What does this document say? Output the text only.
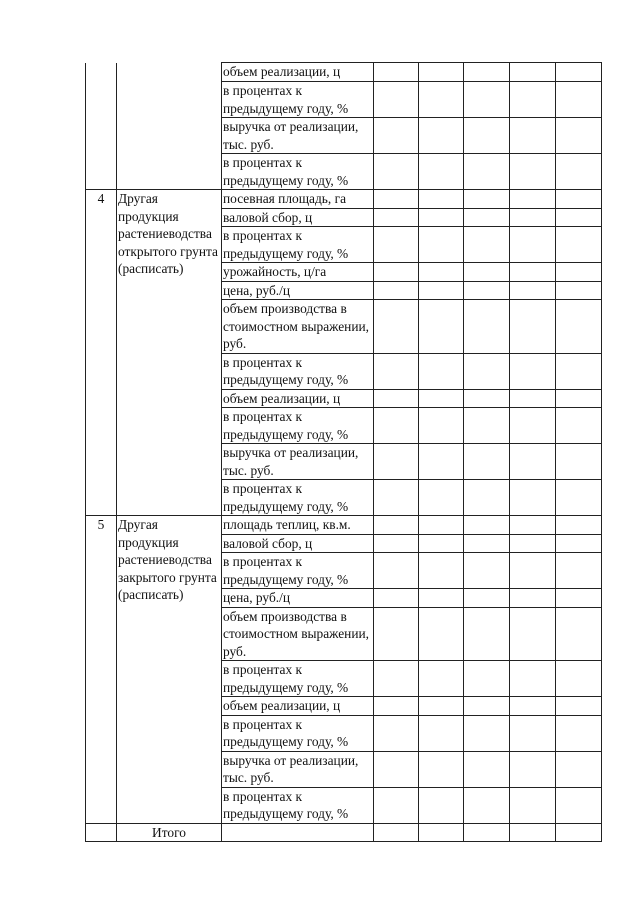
		объем реализации, ц					
		в процентах к предыдущему году, %					
		выручка от реализации, тыс. руб.					
		в процентах к предыдущему году, %					
4	Другая продукция растениеводства открытого грунта (расписать)	посевная площадь, га					
		валовой сбор, ц					
		в процентах к предыдущему году, %					
		урожайность, ц/га					
		цена, руб./ц					
		объем производства в стоимостном выражении, руб.					
		в процентах к предыдущему году, %					
		объем реализации, ц					
		в процентах к предыдущему году, %					
		выручка от реализации, тыс. руб.					
		в процентах к предыдущему году, %					
5	Другая продукция растениеводства закрытого грунта (расписать)	площадь теплиц, кв.м.					
		валовой сбор, ц					
		в процентах к предыдущему году, %					
		цена, руб./ц					
		объем производства в стоимостном выражении, руб.					
		в процентах к предыдущему году, %					
		объем реализации, ц					
		в процентах к предыдущему году, %					
		выручка от реализации, тыс. руб.					
		в процентах к предыдущему году, %					
	Итого						
